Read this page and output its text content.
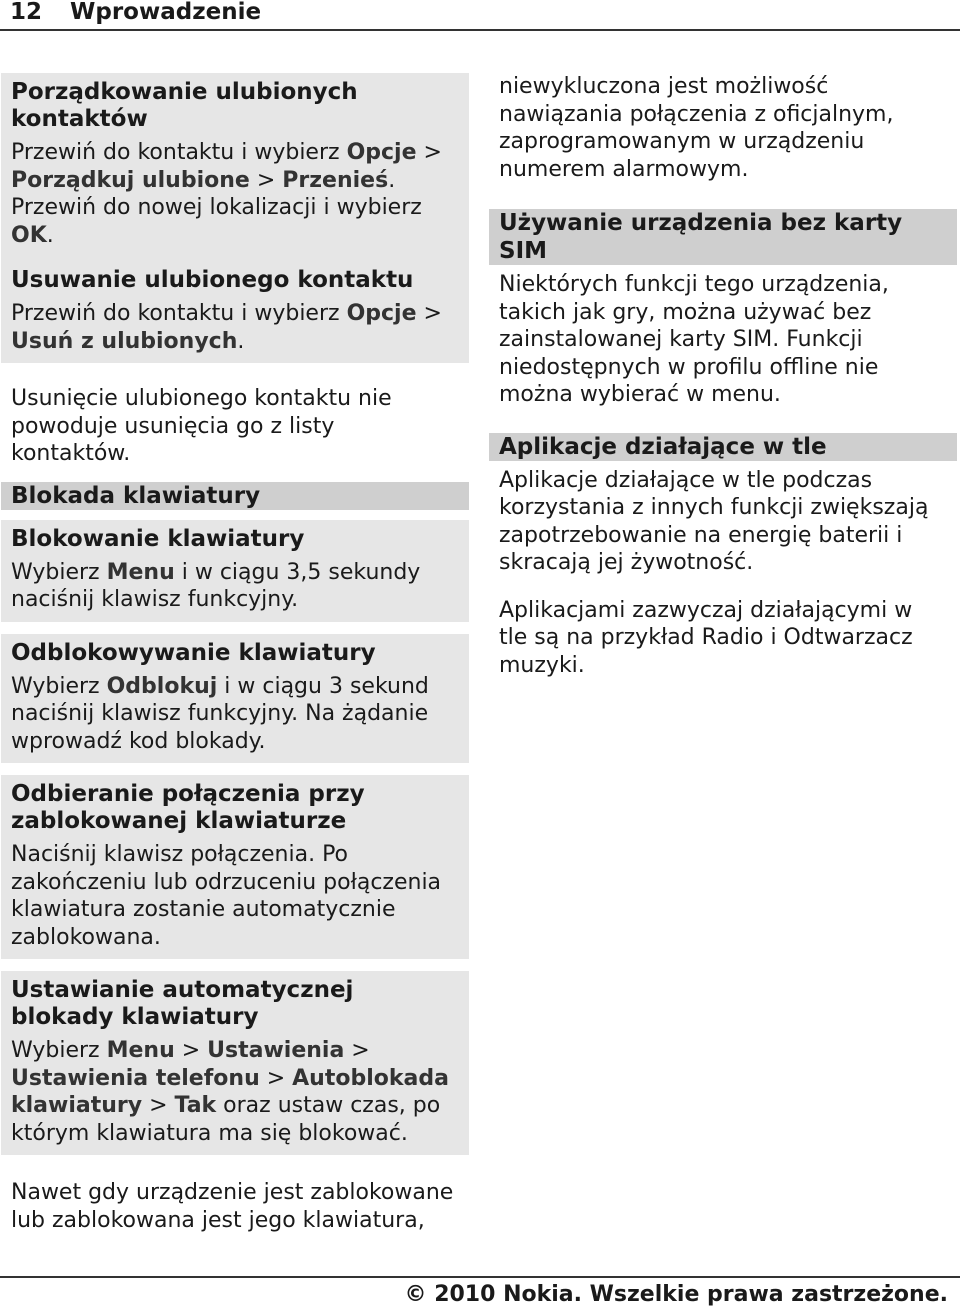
12 Wprowadzenie

Porządkowanie ulubionych kontaktów

Przewiń do kontaktu i wybierz Opcje > Porządkuj ulubione > Przenieś. Przewiń do nowej lokalizacji i wybierz OK.

Usuwanie ulubionego kontaktu

Przewiń do kontaktu i wybierz Opcje > Usuń z ulubionych.

Usunięcie ulubionego kontaktu nie powoduje usunięcia go z listy kontaktów.

Blokada klawiatury

Blokowanie klawiatury

Wybierz Menu i w ciągu 3,5 sekundy naciśnij klawisz funkcyjny.

Odblokowywanie klawiatury

Wybierz Odblokuj i w ciągu 3 sekund naciśnij klawisz funkcyjny. Na żądanie wprowadź kod blokady.

Odbieranie połączenia przy zablokowanej klawiaturze

Naciśnij klawisz połączenia. Po zakończeniu lub odrzuceniu połączenia klawiatura zostanie automatycznie zablokowana.

Ustawianie automatycznej blokady klawiatury

Wybierz Menu > Ustawienia > Ustawienia telefonu > Autoblokada klawiatury > Tak oraz ustaw czas, po którym klawiatura ma się blokować.

Nawet gdy urządzenie jest zablokowane lub zablokowana jest jego klawiatura,

niewykluczona jest możliwość nawiązania połączenia z oficjalnym, zaprogramowanym w urządzeniu numerem alarmowym.

Używanie urządzenia bez karty SIM

Niektórych funkcji tego urządzenia, takich jak gry, można używać bez zainstalowanej karty SIM. Funkcji niedostępnych w profilu offline nie można wybierać w menu.

Aplikacje działające w tle

Aplikacje działające w tle podczas korzystania z innych funkcji zwiększają zapotrzebowanie na energię baterii i skracają jej żywotność.

Aplikacjami zazwyczaj działającymi w tle są na przykład Radio i Odtwarzacz muzyki.

© 2010 Nokia. Wszelkie prawa zastrzeżone.
